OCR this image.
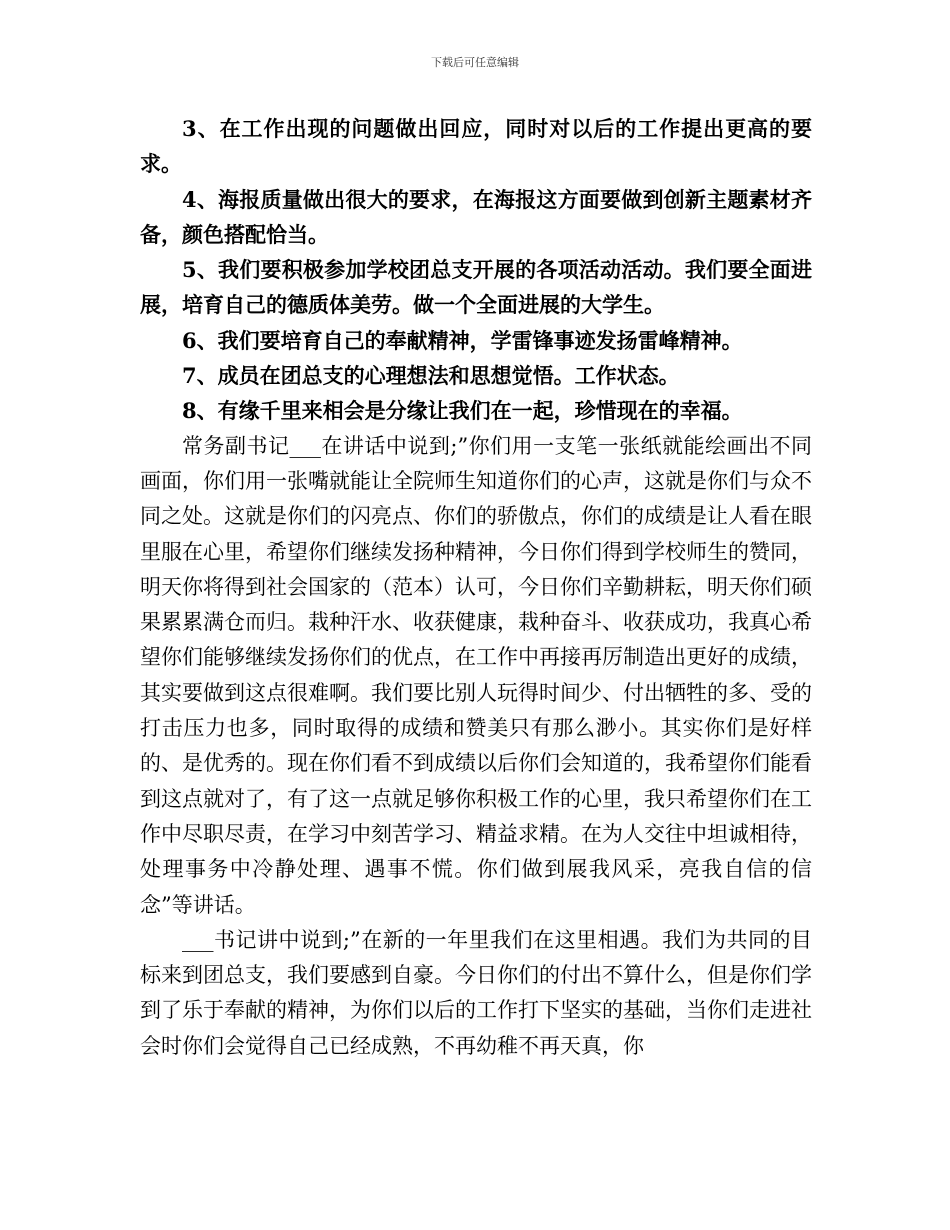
下载后可任意编辑

3、在工作出现的问题做出回应，同时对以后的工作提出更高的要求。

4、海报质量做出很大的要求，在海报这方面要做到创新主题素材齐备，颜色搭配恰当。

5、我们要积极参加学校团总支开展的各项活动活动。我们要全面进展，培育自己的德质体美劳。做一个全面进展的大学生。

6、我们要培育自己的奉献精神，学雷锋事迹发扬雷峰精神。

7、成员在团总支的心理想法和思想觉悟。工作状态。

8、有缘千里来相会是分缘让我们在一起，珍惜现在的幸福。

常务副书记___在讲话中说到;”你们用一支笔一张纸就能绘画出不同画面，你们用一张嘴就能让全院师生知道你们的心声，这就是你们与众不同之处。这就是你们的闪亮点、你们的骄傲点，你们的成绩是让人看在眼里服在心里，希望你们继续发扬种精神，今日你们得到学校师生的赞同，明天你将得到社会国家的（范本）认可，今日你们辛勤耕耘，明天你们硕果累累满仓而归。栽种汗水、收获健康，栽种奋斗、收获成功，我真心希望你们能够继续发扬你们的优点，在工作中再接再厉制造出更好的成绩，其实要做到这点很难啊。我们要比别人玩得时间少、付出牺牲的多、受的打击压力也多，同时取得的成绩和赞美只有那么渺小。其实你们是好样的、是优秀的。现在你们看不到成绩以后你们会知道的，我希望你们能看到这点就对了，有了这一点就足够你积极工作的心里，我只希望你们在工作中尽职尽责，在学习中刻苦学习、精益求精。在为人交往中坦诚相待，处理事务中冷静处理、遇事不慌。你们做到展我风采，亮我自信的信念”等讲话。

___书记讲中说到;”在新的一年里我们在这里相遇。我们为共同的目标来到团总支，我们要感到自豪。今日你们的付出不算什么，但是你们学到了乐于奉献的精神，为你们以后的工作打下坚实的基础，当你们走进社会时你们会觉得自己已经成熟，不再幼稚不再天真，你
